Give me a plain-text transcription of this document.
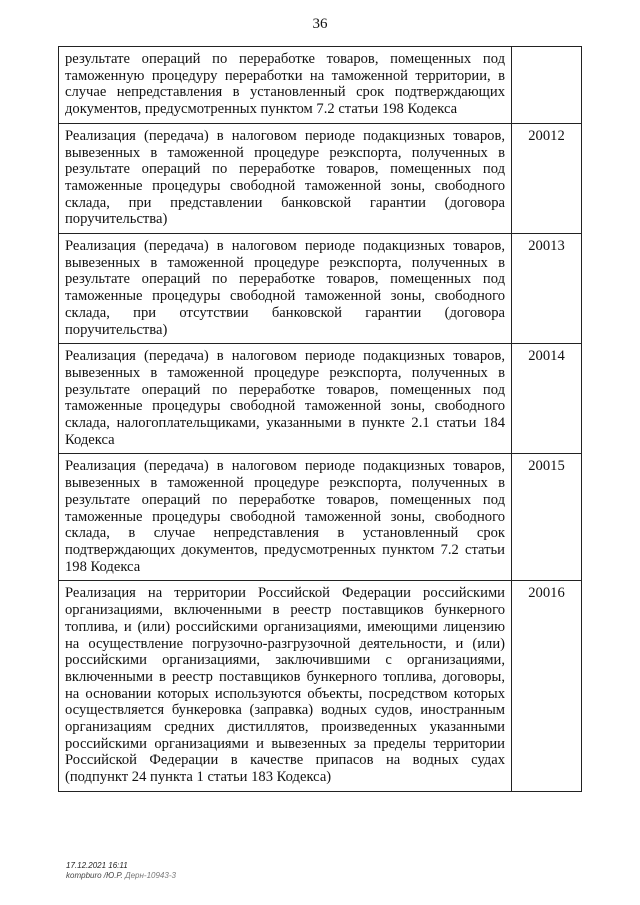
36
результате операций по переработке товаров, помещенных под таможенную процедуру переработки на таможенной территории, в случае непредставления в установленный срок подтверждающих документов, предусмотренных пунктом 7.2 статьи 198 Кодекса	
Реализация (передача) в налоговом периоде подакцизных товаров, вывезенных в таможенной процедуре реэкспорта, полученных в результате операций по переработке товаров, помещенных под таможенные процедуры свободной таможенной зоны, свободного склада, при представлении банковской гарантии (договора поручительства)	20012
Реализация (передача) в налоговом периоде подакцизных товаров, вывезенных в таможенной процедуре реэкспорта, полученных в результате операций по переработке товаров, помещенных под таможенные процедуры свободной таможенной зоны, свободного склада, при отсутствии банковской гарантии (договора поручительства)	20013
Реализация (передача) в налоговом периоде подакцизных товаров, вывезенных в таможенной процедуре реэкспорта, полученных в результате операций по переработке товаров, помещенных под таможенные процедуры свободной таможенной зоны, свободного склада, налогоплательщиками, указанными в пункте 2.1 статьи 184 Кодекса	20014
Реализация (передача) в налоговом периоде подакцизных товаров, вывезенных в таможенной процедуре реэкспорта, полученных в результате операций по переработке товаров, помещенных под таможенные процедуры свободной таможенной зоны, свободного склада, в случае непредставления в установленный срок подтверждающих документов, предусмотренных пунктом 7.2 статьи 198 Кодекса	20015
Реализация на территории Российской Федерации российскими организациями, включенными в реестр поставщиков бункерного топлива, и (или) российскими организациями, имеющими лицензию на осуществление погрузочно-разгрузочной деятельности, и (или) российскими организациями, заключившими с организациями, включенными в реестр поставщиков бункерного топлива, договоры, на основании которых используются объекты, посредством которых осуществляется бункеровка (заправка) водных судов, иностранным организациям средних дистиллятов, произведенных указанными российскими организациями и вывезенных за пределы территории Российской Федерации в качестве припасов на водных судах (подпункт 24 пункта 1 статьи 183 Кодекса)	20016
17.12.2021 16:11
kompburo /Ю.Р. Дерн-10943-3
